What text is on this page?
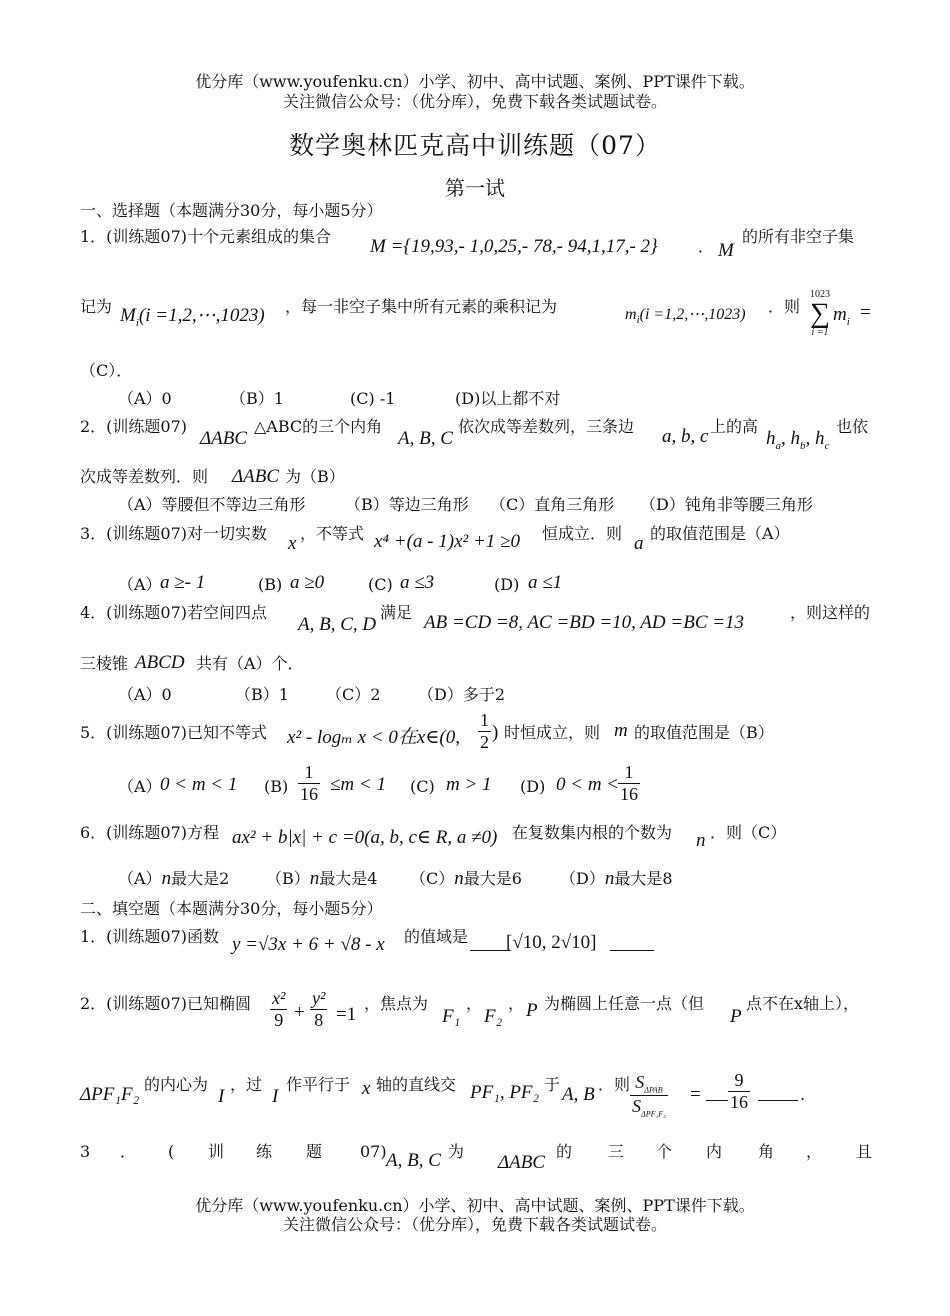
优分库（www.youfenku.cn）小学、初中、高中试题、案例、PPT课件下载。
关注微信公众号：（优分库），免费下载各类试题试卷。
数学奥林匹克高中训练题（07）
第一试
一、选择题（本题满分30分，每小题5分）
1．(训练题07)十个元素组成的集合 M ={19,93,- 1,0,25,- 78,- 94,1,17,- 2}	． M
的所有非空子集
记为 $M_i(i$ =1,2,⋯,1023) ，每一非空子集中所有元素的乘积记为	$m_i(i$ =1,2,⋯,1023) ．则
1023
∑
i =1
$m_i$ =
（C）．
（A）0	（B）1	(C) -1	(D)以上都不对
2．(训练题07)
ΔABC
△ABC的三个内角
A, B, C
依次成等差数列，三条边 a, b, c 上的高
$h_a$, $h_b$, $h_c$
也依
次成等差数列．则 ΔABC 为（B）
（A）等腰但不等边三角形 （B）等边三角形 （C）直角三角形 （D）钝角非等腰三角形
3．(训练题07)对一切实数 x ，不等式 x⁴ +(a - 1)x² +1 ≥0 恒成立．则 a 的取值范围是（A）
（A）
a ≥- 1	(B) a ≥0	(C) a ≤3	(D) a ≤1
4．(训练题07)若空间四点
A, B, C, D
满足 AB =CD =8, AC =BD =10, AD =BC =13	，则这样的
三棱锥 ABCD 共有（A）个．
（A）0	（B）1 （C）2 （D）多于2
5．(训练题07)已知不等式 x² - logₘ x < 0在x∈(0, $\frac{1}{2}$ ) 时恒成立，则 m 的取值范围是（B）
（A）
0 < m < 1 $(B) \frac{1}{16} \le m < 1$ (C) m > 1 (D) 0 < m <
$\frac{1}{16}$
6．(训练题07)方程 ax² + b|x| + c =0(a, b, c∈ R, a ≠0) 在复数集内根的个数为 n ．则（C）
（A）n最大是2 （B）n最大是4 （C）n最大是6 （D）n最大是8
二、填空题（本题满分30分，每小题5分）
1．(训练题07)函数 y =√3x + 6 + √8 - x 的值域是 [√10, 2√10]
2．(训练题07)已知椭圆 $\frac{\text{x²}}{9} + \frac{\text{y²}}{8} =1$
，焦点为
F₁
，
F₂
， P 为椭圆上任意一点（但
P
点不在x轴上），
ΔPF₁F₂ 的内心为
I
，过
I
作平行于 x 轴的直线交 PF₁, PF₂ 于 A, B ．则 $S_{\Delta PAB}$
$S_{\Delta PF_1F_2}$
= $\frac{9}{16}$	.
3 ． ( 训 练 题 07) A, B, C 为
ΔABC
的 三 个 内 角 ， 且
优分库（www.youfenku.cn）小学、初中、高中试题、案例、PPT课件下载。
关注微信公众号：（优分库），免费下载各类试题试卷。
